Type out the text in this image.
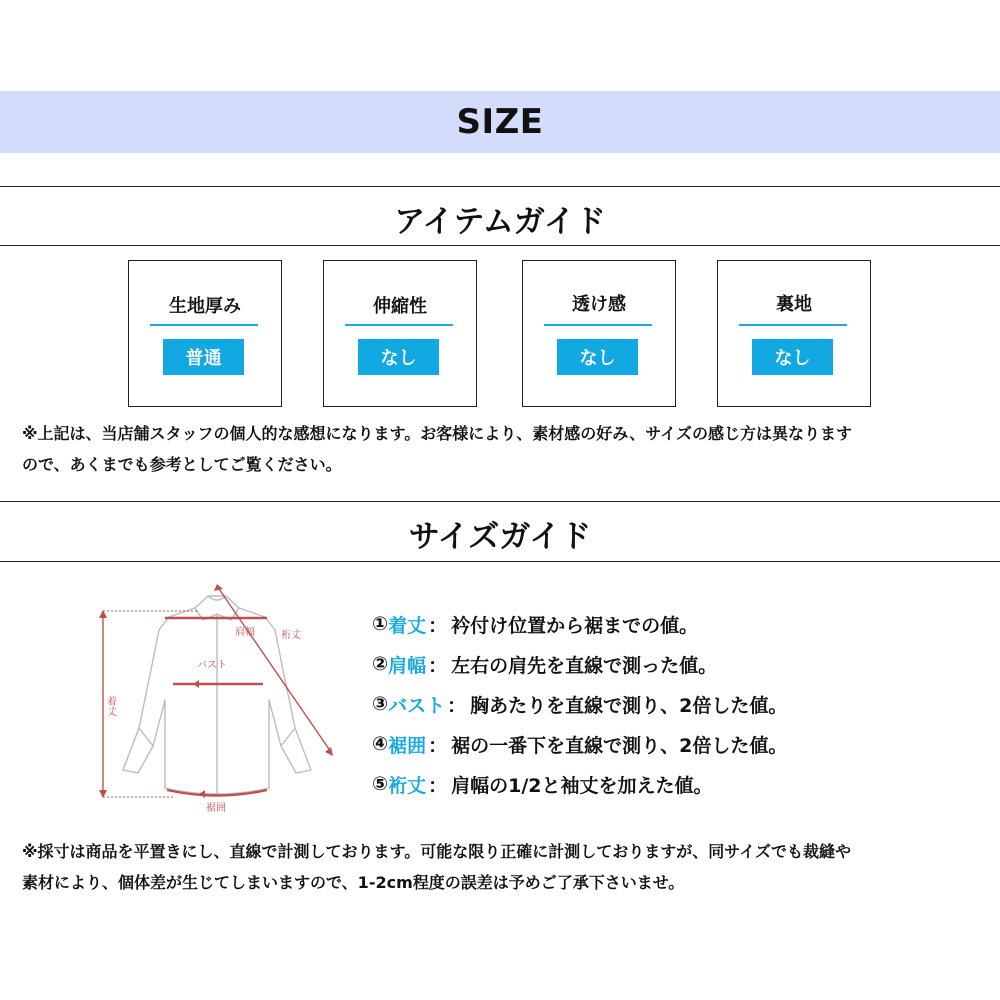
SIZE
アイテムガイド
生地厚み
普通
伸縮性
なし
透け感
なし
裏地
なし
※上記は、当店舗スタッフの個人的な感想になります。お客様により、素材感の好み、サイズの感じ方は異なります
ので、あくまでも参考としてご覧ください。
サイズガイド
肩幅	裄丈
バスト
裾囲
着丈
① 着丈 ： 衿付け位置から裾までの値。
② 肩幅 ： 左右の肩先を直線で測った値。
③ バスト ： 胸あたりを直線で測り、2倍した値。
④ 裾囲 ： 裾の一番下を直線で測り、2倍した値。
⑤ 裄丈 ： 肩幅の1/2と袖丈を加えた値。
※採寸は商品を平置きにし、直線で計測しております。可能な限り正確に計測しておりますが、同サイズでも裁縫や
素材により、個体差が生じてしまいますので、1-2cm程度の誤差は予めご了承下さいませ。
